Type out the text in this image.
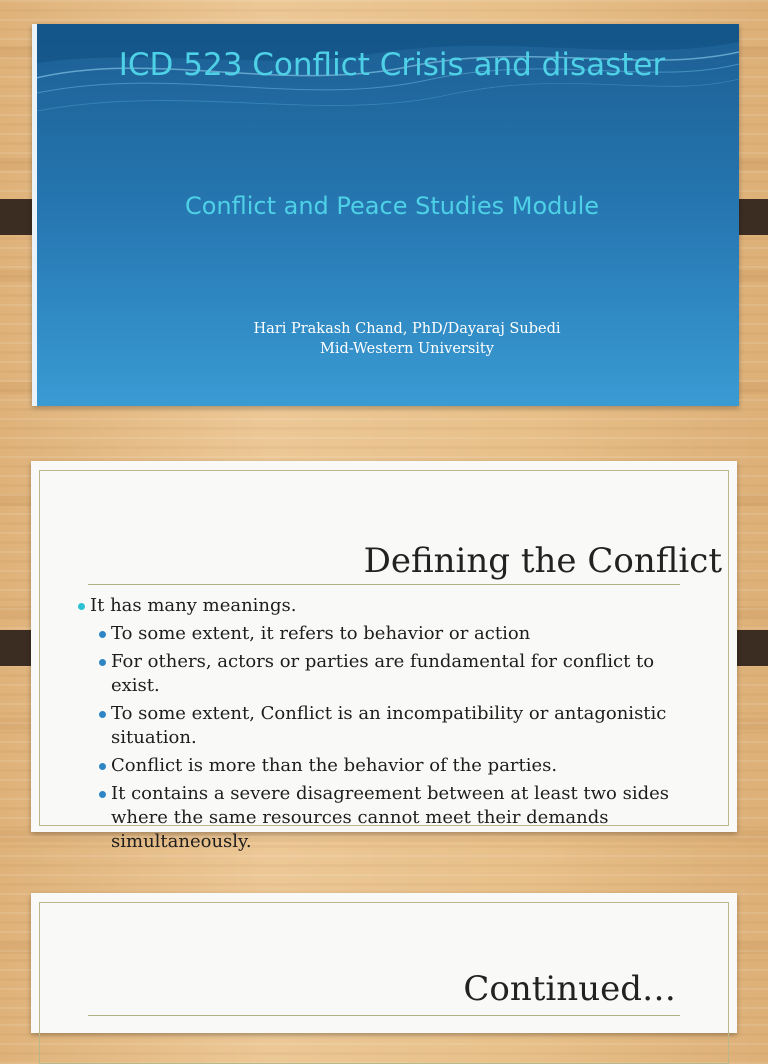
ICD 523 Conflict Crisis and disaster
Conflict and Peace Studies Module
Hari Prakash Chand, PhD/Dayaraj Subedi
Mid-Western University
Defining the Conflict
It has many meanings.
To some extent, it refers to behavior or action
For others, actors or parties are fundamental for conflict to exist.
To some extent, Conflict is an incompatibility or antagonistic situation.
Conflict is more than the behavior of the parties.
It contains a severe disagreement between at least two sides where the same resources cannot meet their demands simultaneously.
Continued…
